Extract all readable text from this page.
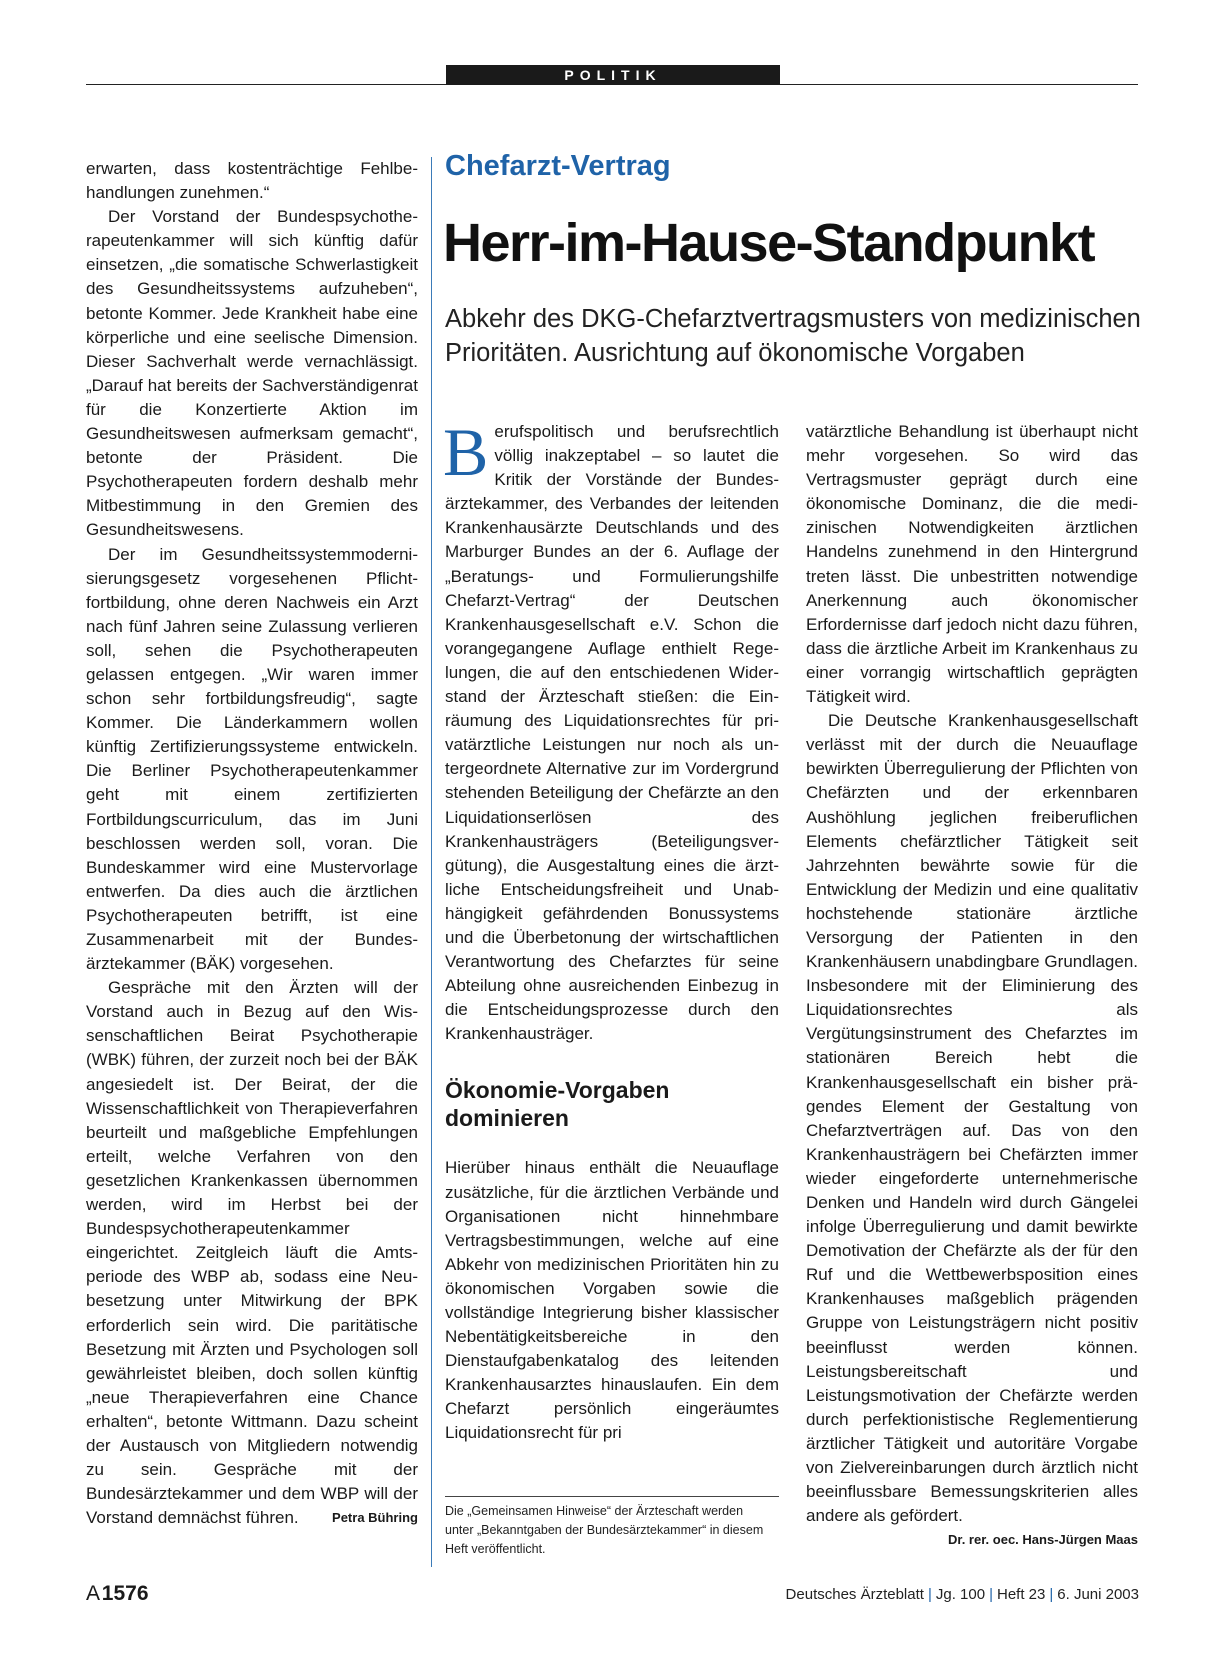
POLITIK

erwarten, dass kostenträchtige Fehlbehandlungen zunehmen.“

Der Vorstand der Bundespsychotherapeutenkammer will sich künftig dafür einsetzen, „die somatische Schwerlastigkeit des Gesundheitssystems aufzuheben“, betonte Kommer. Jede Krankheit habe eine körperliche und eine seelische Dimension. Dieser Sachverhalt werde vernachlässigt. „Darauf hat bereits der Sachverständigenrat für die Konzertierte Aktion im Gesundheitswesen aufmerksam gemacht“, betonte der Präsident. Die Psychotherapeuten fordern deshalb mehr Mitbestimmung in den Gremien des Gesundheitswesens.

Der im Gesundheitssystemmodernisierungsgesetz vorgesehenen Pflichtfortbildung, ohne deren Nachweis ein Arzt nach fünf Jahren seine Zulassung verlieren soll, sehen die Psychotherapeuten gelassen entgegen. „Wir waren immer schon sehr fortbildungsfreudig“, sagte Kommer. Die Länderkammern wollen künftig Zertifizierungssysteme entwickeln. Die Berliner Psychotherapeutenkammer geht mit einem zertifizierten Fortbildungscurriculum, das im Juni beschlossen werden soll, voran. Die Bundeskammer wird eine Mustervorlage entwerfen. Da dies auch die ärztlichen Psychotherapeuten betrifft, ist eine Zusammenarbeit mit der Bundesärztekammer (BÄK) vorgesehen.

Gespräche mit den Ärzten will der Vorstand auch in Bezug auf den Wissenschaftlichen Beirat Psychotherapie (WBK) führen, der zurzeit noch bei der BÄK angesiedelt ist. Der Beirat, der die Wissenschaftlichkeit von Therapieverfahren beurteilt und maßgebliche Empfehlungen erteilt, welche Verfahren von den gesetzlichen Krankenkassen übernommen werden, wird im Herbst bei der Bundespsychotherapeutenkammer eingerichtet. Zeitgleich läuft die Amtsperiode des WBP ab, sodass eine Neubesetzung unter Mitwirkung der BPK erforderlich sein wird. Die paritätische Besetzung mit Ärzten und Psychologen soll gewährleistet bleiben, doch sollen künftig „neue Therapieverfahren eine Chance erhalten“, betonte Wittmann. Dazu scheint der Austausch von Mitgliedern notwendig zu sein. Gespräche mit der Bundesärztekammer und dem WBP will der Vorstand demnächst führen.	Petra Bühring

Chefarzt-Vertrag
Herr-im-Hause-Standpunkt
Abkehr des DKG-Chefarztvertragsmusters von medizinischen Prioritäten. Ausrichtung auf ökonomische Vorgaben

Berufspolitisch und berufsrechtlich völlig inakzeptabel – so lautet die Kritik der Vorstände der Bundesärztekammer, des Verbandes der leitenden Krankenhausärzte Deutschlands und des Marburger Bundes an der 6. Auflage der „Beratungs- und Formulierungshilfe Chefarzt-Vertrag“ der Deutschen Krankenhausgesellschaft e.V. Schon die vorangegangene Auflage enthielt Regelungen, die auf den entschiedenen Widerstand der Ärzteschaft stießen: die Einräumung des Liquidationsrechtes für privatärztliche Leistungen nur noch als untergeordnete Alternative zur im Vordergrund stehenden Beteiligung der Chefärzte an den Liquidationserlösen des Krankenhausträgers (Beteiligungsvergütung), die Ausgestaltung eines die ärztliche Entscheidungsfreiheit und Unabhängigkeit gefährdenden Bonussystems und die Überbetonung der wirtschaftlichen Verantwortung des Chefarztes für seine Abteilung ohne ausreichenden Einbezug in die Entscheidungsprozesse durch den Krankenhausträger.

Ökonomie-Vorgaben dominieren

Hierüber hinaus enthält die Neuauflage zusätzliche, für die ärztlichen Verbände und Organisationen nicht hinnehmbare Vertragsbestimmungen, welche auf eine Abkehr von medizinischen Prioritäten hin zu ökonomischen Vorgaben sowie die vollständige Integrierung bisher klassischer Nebentätigkeitsbereiche in den Dienstaufgabenkatalog des leitenden Krankenhausarztes hinauslaufen. Ein dem Chefarzt persönlich eingeräumtes Liquidationsrecht für pri

Die „Gemeinsamen Hinweise“ der Ärzteschaft werden unter „Bekanntgaben der Bundesärztekammer“ in diesem Heft veröffentlicht.

vatärztliche Behandlung ist überhaupt nicht mehr vorgesehen. So wird das Vertragsmuster geprägt durch eine ökonomische Dominanz, die die medizinischen Notwendigkeiten ärztlichen Handelns zunehmend in den Hintergrund treten lässt. Die unbestritten notwendige Anerkennung auch ökonomischer Erfordernisse darf jedoch nicht dazu führen, dass die ärztliche Arbeit im Krankenhaus zu einer vorrangig wirtschaftlich geprägten Tätigkeit wird.

Die Deutsche Krankenhausgesellschaft verlässt mit der durch die Neuauflage bewirkten Überregulierung der Pflichten von Chefärzten und der erkennbaren Aushöhlung jeglichen freiberuflichen Elements chefärztlicher Tätigkeit seit Jahrzehnten bewährte sowie für die Entwicklung der Medizin und eine qualitativ hochstehende stationäre ärztliche Versorgung der Patienten in den Krankenhäusern unabdingbare Grundlagen. Insbesondere mit der Eliminierung des Liquidationsrechtes als Vergütungsinstrument des Chefarztes im stationären Bereich hebt die Krankenhausgesellschaft ein bisher prägendes Element der Gestaltung von Chefarztverträgen auf. Das von den Krankenhausträgern bei Chefärzten immer wieder eingeforderte unternehmerische Denken und Handeln wird durch Gängelei infolge Überregulierung und damit bewirkte Demotivation der Chefärzte als der für den Ruf und die Wettbewerbsposition eines Krankenhauses maßgeblich prägenden Gruppe von Leistungsträgern nicht positiv beeinflusst werden können. Leistungsbereitschaft und Leistungsmotivation der Chefärzte werden durch perfektionistische Reglementierung ärztlicher Tätigkeit und autoritäre Vorgabe von Zielvereinbarungen durch ärztlich nicht beeinflussbare Bemessungskriterien alles andere als gefördert.
Dr. rer. oec. Hans-Jürgen Maas

A 1576	Deutsches Ärzteblatt | Jg. 100 | Heft 23 | 6. Juni 2003
